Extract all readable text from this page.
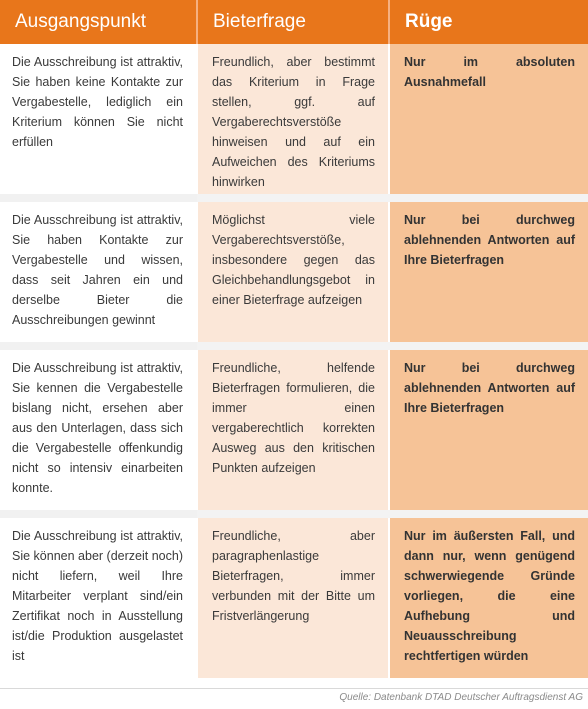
Ausgangspunkt	Bieterfrage	Rüge
Die Ausschreibung ist attraktiv, Sie haben keine Kontakte zur Vergabestelle, lediglich ein Kriterium können Sie nicht erfüllen	Freundlich, aber bestimmt das Kriterium in Frage stellen, ggf. auf Vergaberechtsverstöße hinweisen und auf ein Aufweichen des Kriteriums hinwirken	Nur im absoluten Ausnahmefall

Die Ausschreibung ist attraktiv, Sie haben Kontakte zur Vergabestelle und wissen, dass seit Jahren ein und derselbe Bieter die Ausschreibungen gewinnt	Möglichst viele Vergaberechtsverstöße, insbesondere gegen das Gleichbehandlungsgebot in einer Bieterfrage aufzeigen	Nur bei durchweg ablehnenden Antworten auf Ihre Bieterfragen

Die Ausschreibung ist attraktiv, Sie kennen die Vergabestelle bislang nicht, ersehen aber aus den Unterlagen, dass sich die Vergabestelle offenkundig nicht so intensiv einarbeiten konnte.	Freundliche, helfende Bieterfragen formulieren, die immer einen vergaberechtlich korrekten Ausweg aus den kritischen Punkten aufzeigen	Nur bei durchweg ablehnenden Antworten auf Ihre Bieterfragen

Die Ausschreibung ist attraktiv, Sie können aber (derzeit noch) nicht liefern, weil Ihre Mitarbeiter verplant sind/ein Zertifikat noch in Ausstellung ist/die Produktion ausgelastet ist	Freundliche, aber paragraphenlastige Bieterfragen, immer verbunden mit der Bitte um Fristverlängerung	Nur im äußersten Fall, und dann nur, wenn genügend schwerwiegende Gründe vorliegen, die eine Aufhebung und Neuausschreibung rechtfertigen würden
Quelle: Datenbank DTAD Deutscher Auftragsdienst AG
